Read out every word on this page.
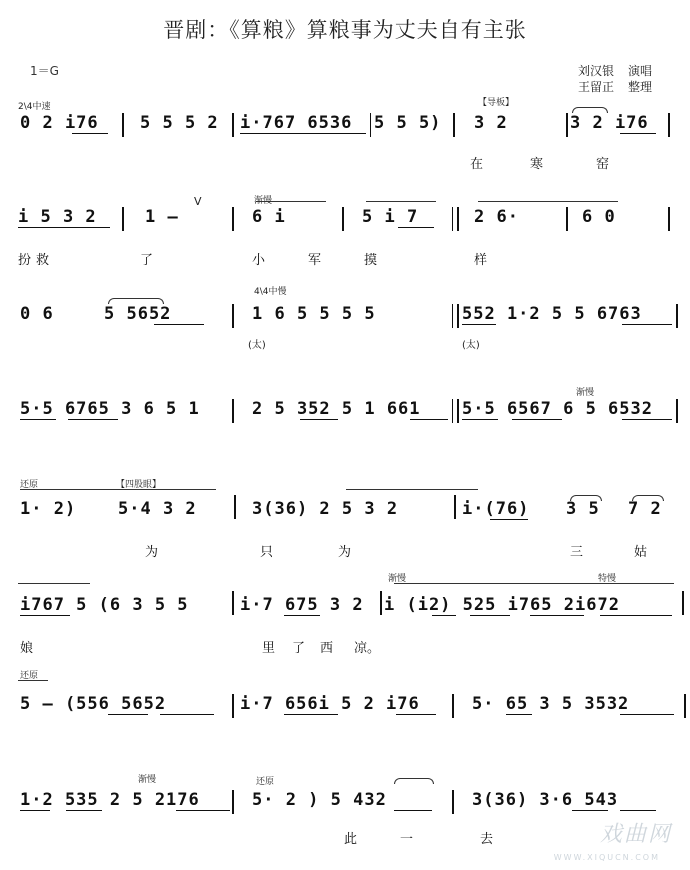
晋剧：《算粮》算粮事为丈夫自有主张
1＝G	刘汉银 演唱
王留正 整理
2\4中速	【导板】
0 2 i76 5 5 5 2 i·767 6536 5 5 5) 3 2	3 2 i76
在	寒	窑
渐慢
V
i 5 3 2	1 –	6 i	5 i 7	2 6·	6 0
扮 救	了	小	军	摸	样
4\4中慢
(太)	(太)
0 6	5 5652	1 6 5 5 5 5	552 1·2 5 5 6763
渐慢
5·5 6765 3 6 5 1	2 5 352 5 1 661 5·5 6567 6 5 6532
还原	【四股眼】
1· 2) 5·4 3 2	3(36) 2 5 3 2	i·(76) 3 5 7 2
为	只	为	三	姑
渐慢	特慢
i767 5 (6 3 5 5	i·7 675 3 2 i (i2) 525 i765 2i672
娘	里 了 西 凉。
还原
5 – (556 5652	i·7 656i 5 2 i76	5· 65 3 5 3532
渐慢	还原
1·2 535 2 5 2176	5· 2 ) 5 432	3(36) 3·6 543
此	一	去	戏曲网
WWW.XIQUCN.COM
